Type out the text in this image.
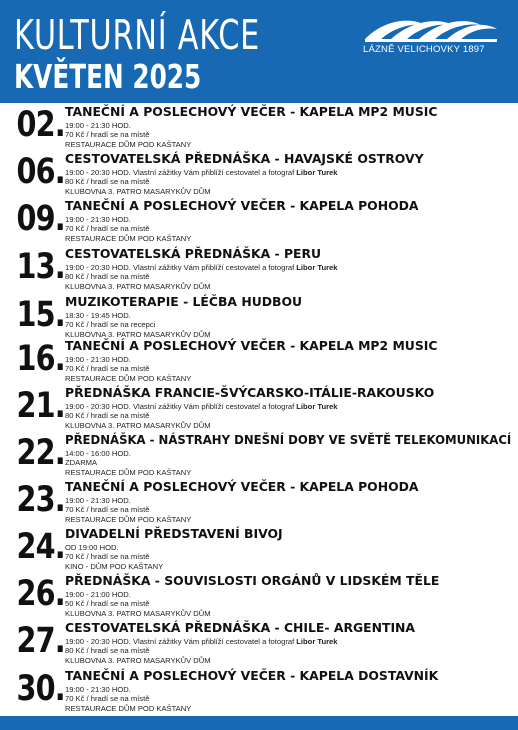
KULTURNÍ AKCE
KVĚTEN 2025
LÁZNĚ VELICHOVKY 1897
02. TANEČNÍ A POSLECHOVÝ VEČER - KAPELA MP2 MUSIC
19:00 - 21:30 HOD.
70 Kč / hradí se na místě
RESTAURACE DŮM POD KAŠTANY
06. CESTOVATELSKÁ PŘEDNÁŠKA - HAVAJSKÉ OSTROVY
19:00 - 20:30 HOD. Vlastní zážitky Vám přiblíží cestovatel a fotograf Libor Turek
80 Kč / hradí se na místě
KLUBOVNA 3. PATRO MASARYKŮV DŮM
09. TANEČNÍ A POSLECHOVÝ VEČER - KAPELA POHODA
19:00 - 21:30 HOD.
70 Kč / hradí se na místě
RESTAURACE DŮM POD KAŠTANY
13. CESTOVATELSKÁ PŘEDNÁŠKA - PERU
19:00 - 20:30 HOD. Vlastní zážitky Vám přiblíží cestovatel a fotograf Libor Turek
80 Kč / hradí se na místě
KLUBOVNA 3. PATRO MASARYKŮV DŮM
15. MUZIKOTERAPIE - LÉČBA HUDBOU
18:30 - 19:45 HOD.
70 Kč / hradí se na recepci
KLUBOVNA 3. PATRO MASARYKŮV DŮM
16. TANEČNÍ A POSLECHOVÝ VEČER - KAPELA MP2 MUSIC
19:00 - 21:30 HOD.
70 Kč / hradí se na místě
RESTAURACE DŮM POD KAŠTANY
21. PŘEDNÁŠKA FRANCIE-ŠVÝCARSKO-ITÁLIE-RAKOUSKO
19:00 - 20:30 HOD. Vlastní zážitky Vám přiblíží cestovatel a fotograf Libor Turek
80 Kč / hradí se na místě
KLUBOVNA 3. PATRO MASARYKŮV DŮM
22. PŘEDNÁŠKA - NÁSTRAHY DNEŠNÍ DOBY VE SVĚTĚ TELEKOMUNIKACÍ
14:00 - 16:00 HOD.
ZDARMA
RESTAURACE DŮM POD KAŠTANY
23. TANEČNÍ A POSLECHOVÝ VEČER - KAPELA POHODA
19:00 - 21:30 HOD.
70 Kč / hradí se na místě
RESTAURACE DŮM POD KAŠTANY
24. DIVADELNÍ PŘEDSTAVENÍ BIVOJ
OD 19:00 HOD.
70 Kč / hradí se na místě
KINO - DŮM POD KAŠTANY
26. PŘEDNÁŠKA - SOUVISLOSTI ORGÁNŮ V LIDSKÉM TĚLE
19:00 - 21:00 HOD.
50 Kč / hradí se na místě
KLUBOVNA 3. PATRO MASARYKŮV DŮM
27. CESTOVATELSKÁ PŘEDNÁŠKA - CHILE- ARGENTINA
19:00 - 20:30 HOD. Vlastní zážitky Vám přiblíží cestovatel a fotograf Libor Turek
80 Kč / hradí se na místě
KLUBOVNA 3. PATRO MASARYKŮV DŮM
30. TANEČNÍ A POSLECHOVÝ VEČER - KAPELA DOSTAVNÍK
19:00 - 21:30 HOD.
70 Kč / hradí se na místě
RESTAURACE DŮM POD KAŠTANY
